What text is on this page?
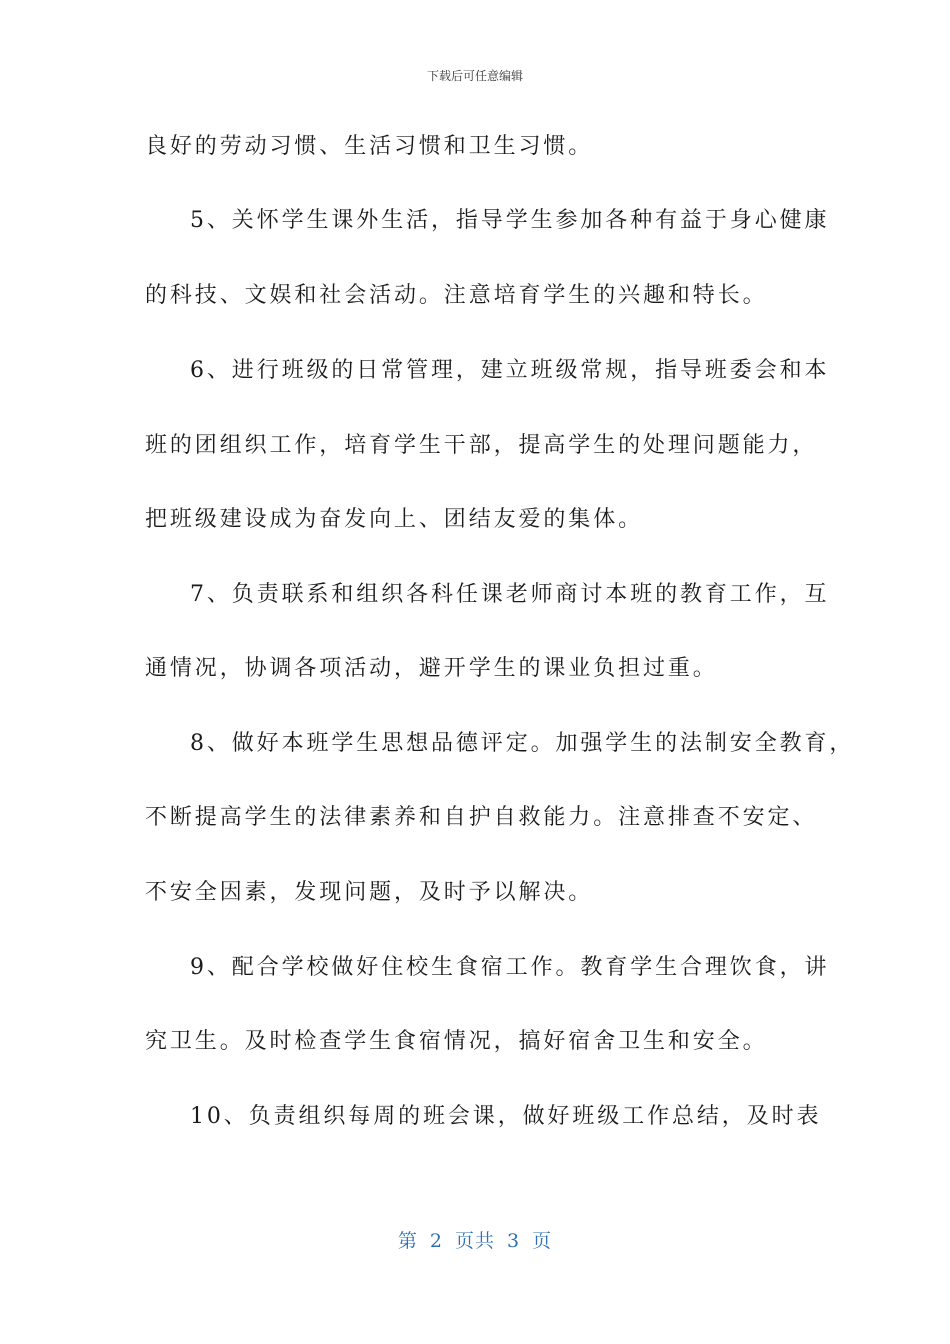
下载后可任意编辑
良好的劳动习惯、生活习惯和卫生习惯。
5、关怀学生课外生活，指导学生参加各种有益于身心健康
的科技、文娱和社会活动。注意培育学生的兴趣和特长。
6、进行班级的日常管理，建立班级常规，指导班委会和本
班的团组织工作，培育学生干部，提高学生的处理问题能力，
把班级建设成为奋发向上、团结友爱的集体。
7、负责联系和组织各科任课老师商讨本班的教育工作，互
通情况，协调各项活动，避开学生的课业负担过重。
8、做好本班学生思想品德评定。加强学生的法制安全教育，
不断提高学生的法律素养和自护自救能力。注意排查不安定、
不安全因素，发现问题，及时予以解决。
9、配合学校做好住校生食宿工作。教育学生合理饮食，讲
究卫生。及时检查学生食宿情况，搞好宿舍卫生和安全。
10、负责组织每周的班会课，做好班级工作总结，及时表
第 2 页共 3 页
